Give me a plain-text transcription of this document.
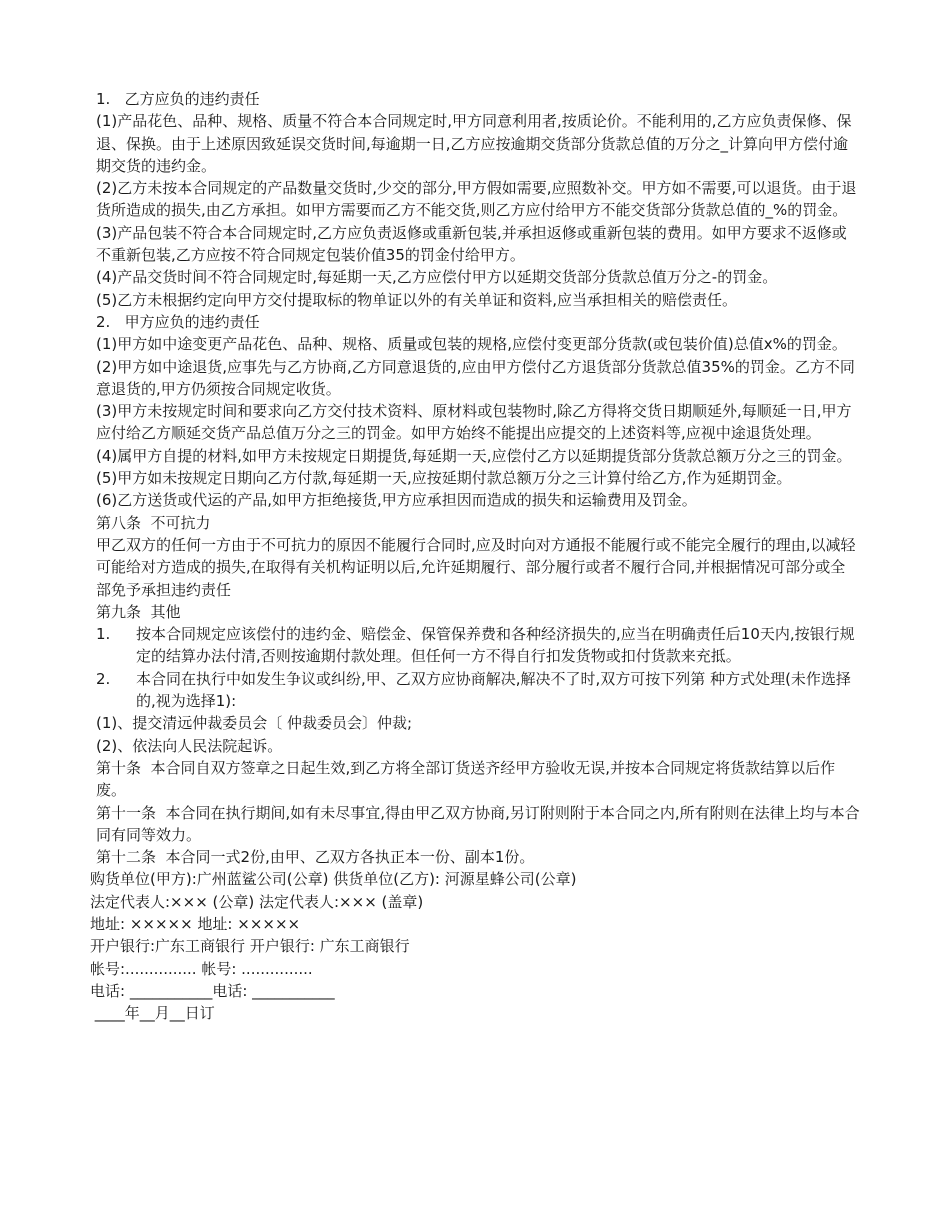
1.   乙方应负的违约责任
(1)产品花色、品种、规格、质量不符合本合同规定时,甲方同意利用者,按质论价。不能利用的,乙方应负责保修、保退、保换。由于上述原因致延误交货时间,每逾期一日,乙方应按逾期交货部分货款总值的万分之_计算向甲方偿付逾期交货的违约金。
(2)乙方未按本合同规定的产品数量交货时,少交的部分,甲方假如需要,应照数补交。甲方如不需要,可以退货。由于退货所造成的损失,由乙方承担。如甲方需要而乙方不能交货,则乙方应付给甲方不能交货部分货款总值的_%的罚金。
(3)产品包装不符合本合同规定时,乙方应负责返修或重新包装,并承担返修或重新包装的费用。如甲方要求不返修或不重新包装,乙方应按不符合同规定包装价值35的罚金付给甲方。
(4)产品交货时间不符合同规定时,每延期一天,乙方应偿付甲方以延期交货部分货款总值万分之-的罚金。
(5)乙方未根据约定向甲方交付提取标的物单证以外的有关单证和资料,应当承担相关的赔偿责任。
2.   甲方应负的违约责任
(1)甲方如中途变更产品花色、品种、规格、质量或包装的规格,应偿付变更部分货款(或包装价值)总值x%的罚金。
(2)甲方如中途退货,应事先与乙方协商,乙方同意退货的,应由甲方偿付乙方退货部分货款总值35%的罚金。乙方不同意退货的,甲方仍须按合同规定收货。
(3)甲方未按规定时间和要求向乙方交付技术资料、原材料或包装物时,除乙方得将交货日期顺延外,每顺延一日,甲方应付给乙方顺延交货产品总值万分之三的罚金。如甲方始终不能提出应提交的上述资料等,应视中途退货处理。
(4)属甲方自提的材料,如甲方未按规定日期提货,每延期一天,应偿付乙方以延期提货部分货款总额万分之三的罚金。
(5)甲方如未按规定日期向乙方付款,每延期一天,应按延期付款总额万分之三计算付给乙方,作为延期罚金。
(6)乙方送货或代运的产品,如甲方拒绝接货,甲方应承担因而造成的损失和运输费用及罚金。
第八条  不可抗力
甲乙双方的任何一方由于不可抗力的原因不能履行合同时,应及时向对方通报不能履行或不能完全履行的理由,以减轻可能给对方造成的损失,在取得有关机构证明以后,允许延期履行、部分履行或者不履行合同,并根据情况可部分或全部免予承担违约责任
第九条  其他
1.	按本合同规定应该偿付的违约金、赔偿金、保管保养费和各种经济损失的,应当在明确责任后10天内,按银行规定的结算办法付清,否则按逾期付款处理。但任何一方不得自行扣发货物或扣付货款来充抵。
2.	本合同在执行中如发生争议或纠纷,甲、乙双方应协商解决,解决不了时,双方可按下列第 种方式处理(未作选择的,视为选择1):
(1)、提交清远仲裁委员会〔 仲裁委员会〕仲裁;
(2)、依法向人民法院起诉。
第十条  本合同自双方签章之日起生效,到乙方将全部订货送齐经甲方验收无误,并按本合同规定将货款结算以后作废。
第十一条  本合同在执行期间,如有未尽事宜,得由甲乙双方协商,另订附则附于本合同之内,所有附则在法律上均与本合同有同等效力。
第十二条  本合同一式2份,由甲、乙双方各执正本一份、副本1份。
购货单位(甲方):广州蓝鲨公司(公章) 供货单位(乙方): 河源星蜂公司(公章)
法定代表人:××× (公章) 法定代表人:××× (盖章)
地址: ××××× 地址: ×××××
开户银行:广东工商银行 开户银行: 广东工商银行
帐号:............... 帐号: ...............
电话: ___________电话: ___________
____年__月__日订
